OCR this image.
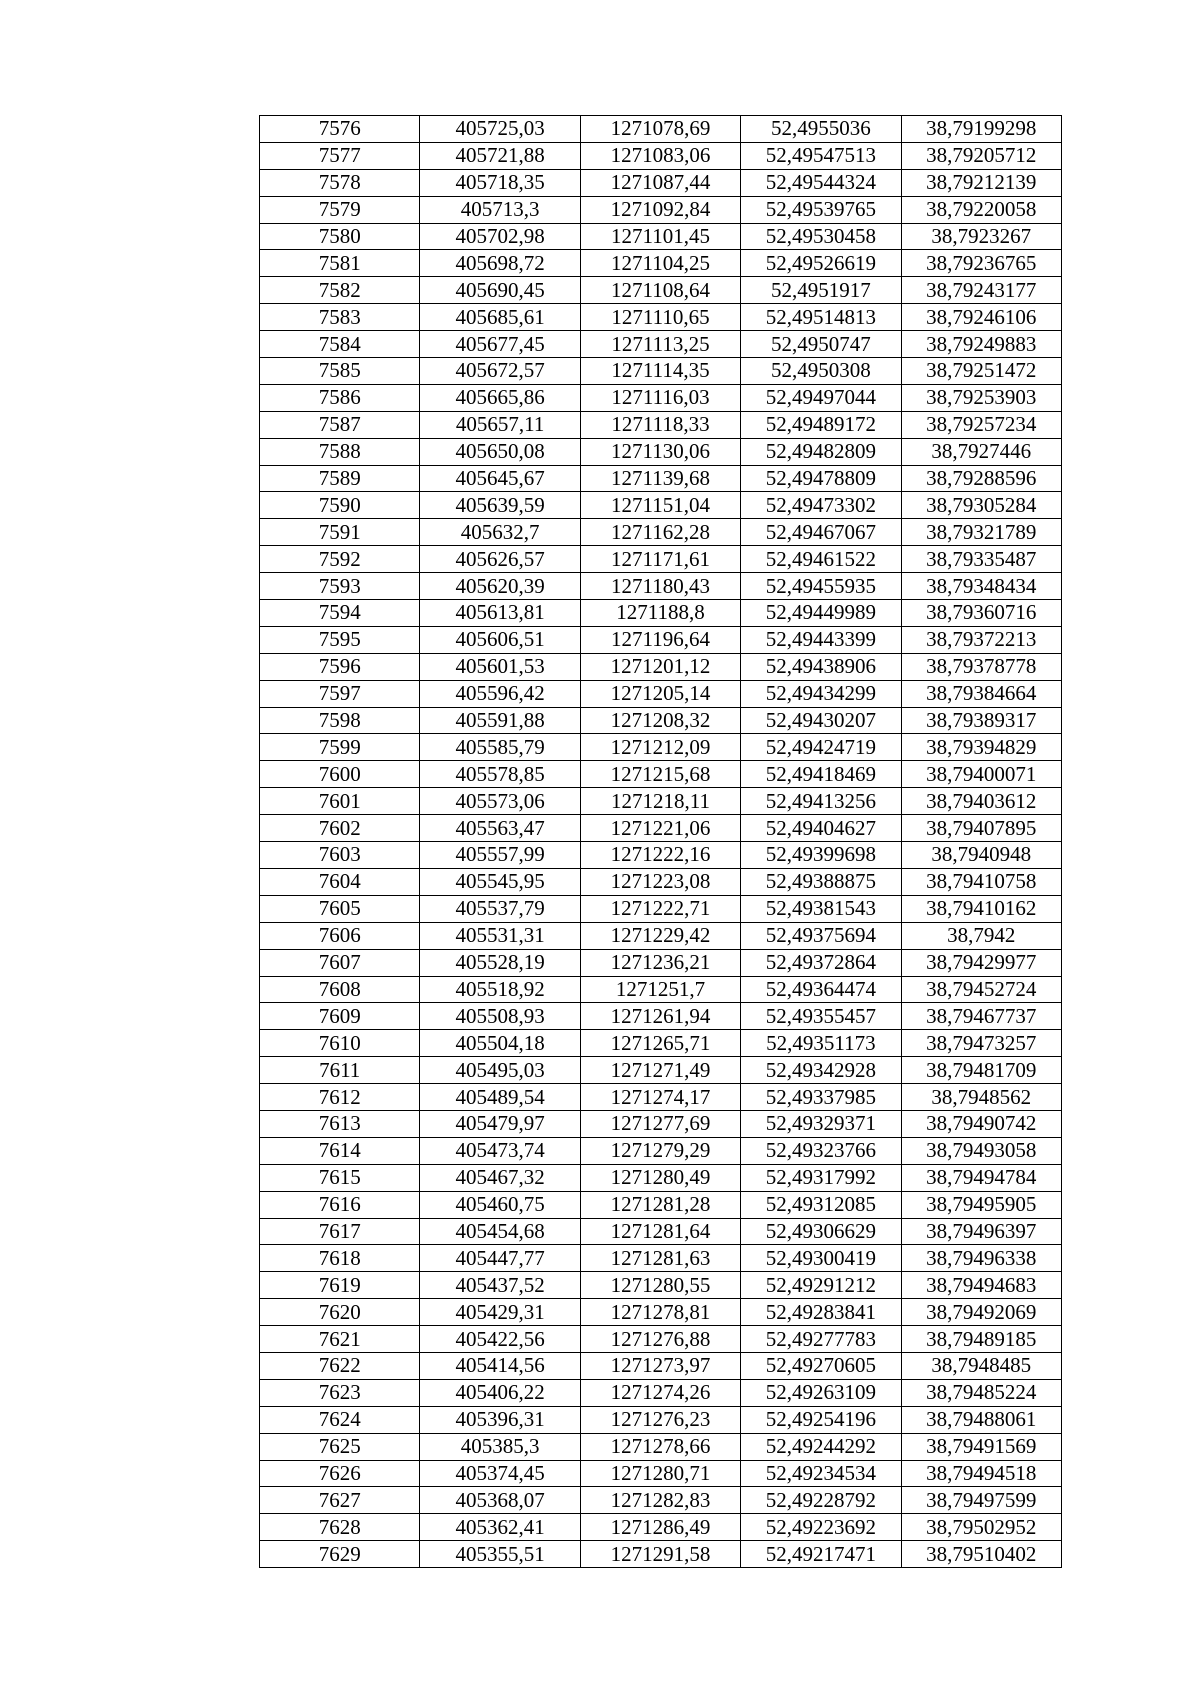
7576	405725,03	1271078,69	52,4955036	38,79199298
7577	405721,88	1271083,06	52,49547513	38,79205712
7578	405718,35	1271087,44	52,49544324	38,79212139
7579	405713,3	1271092,84	52,49539765	38,79220058
7580	405702,98	1271101,45	52,49530458	38,7923267
7581	405698,72	1271104,25	52,49526619	38,79236765
7582	405690,45	1271108,64	52,4951917	38,79243177
7583	405685,61	1271110,65	52,49514813	38,79246106
7584	405677,45	1271113,25	52,4950747	38,79249883
7585	405672,57	1271114,35	52,4950308	38,79251472
7586	405665,86	1271116,03	52,49497044	38,79253903
7587	405657,11	1271118,33	52,49489172	38,79257234
7588	405650,08	1271130,06	52,49482809	38,7927446
7589	405645,67	1271139,68	52,49478809	38,79288596
7590	405639,59	1271151,04	52,49473302	38,79305284
7591	405632,7	1271162,28	52,49467067	38,79321789
7592	405626,57	1271171,61	52,49461522	38,79335487
7593	405620,39	1271180,43	52,49455935	38,79348434
7594	405613,81	1271188,8	52,49449989	38,79360716
7595	405606,51	1271196,64	52,49443399	38,79372213
7596	405601,53	1271201,12	52,49438906	38,79378778
7597	405596,42	1271205,14	52,49434299	38,79384664
7598	405591,88	1271208,32	52,49430207	38,79389317
7599	405585,79	1271212,09	52,49424719	38,79394829
7600	405578,85	1271215,68	52,49418469	38,79400071
7601	405573,06	1271218,11	52,49413256	38,79403612
7602	405563,47	1271221,06	52,49404627	38,79407895
7603	405557,99	1271222,16	52,49399698	38,7940948
7604	405545,95	1271223,08	52,49388875	38,79410758
7605	405537,79	1271222,71	52,49381543	38,79410162
7606	405531,31	1271229,42	52,49375694	38,7942
7607	405528,19	1271236,21	52,49372864	38,79429977
7608	405518,92	1271251,7	52,49364474	38,79452724
7609	405508,93	1271261,94	52,49355457	38,79467737
7610	405504,18	1271265,71	52,49351173	38,79473257
7611	405495,03	1271271,49	52,49342928	38,79481709
7612	405489,54	1271274,17	52,49337985	38,7948562
7613	405479,97	1271277,69	52,49329371	38,79490742
7614	405473,74	1271279,29	52,49323766	38,79493058
7615	405467,32	1271280,49	52,49317992	38,79494784
7616	405460,75	1271281,28	52,49312085	38,79495905
7617	405454,68	1271281,64	52,49306629	38,79496397
7618	405447,77	1271281,63	52,49300419	38,79496338
7619	405437,52	1271280,55	52,49291212	38,79494683
7620	405429,31	1271278,81	52,49283841	38,79492069
7621	405422,56	1271276,88	52,49277783	38,79489185
7622	405414,56	1271273,97	52,49270605	38,7948485
7623	405406,22	1271274,26	52,49263109	38,79485224
7624	405396,31	1271276,23	52,49254196	38,79488061
7625	405385,3	1271278,66	52,49244292	38,79491569
7626	405374,45	1271280,71	52,49234534	38,79494518
7627	405368,07	1271282,83	52,49228792	38,79497599
7628	405362,41	1271286,49	52,49223692	38,79502952
7629	405355,51	1271291,58	52,49217471	38,79510402
